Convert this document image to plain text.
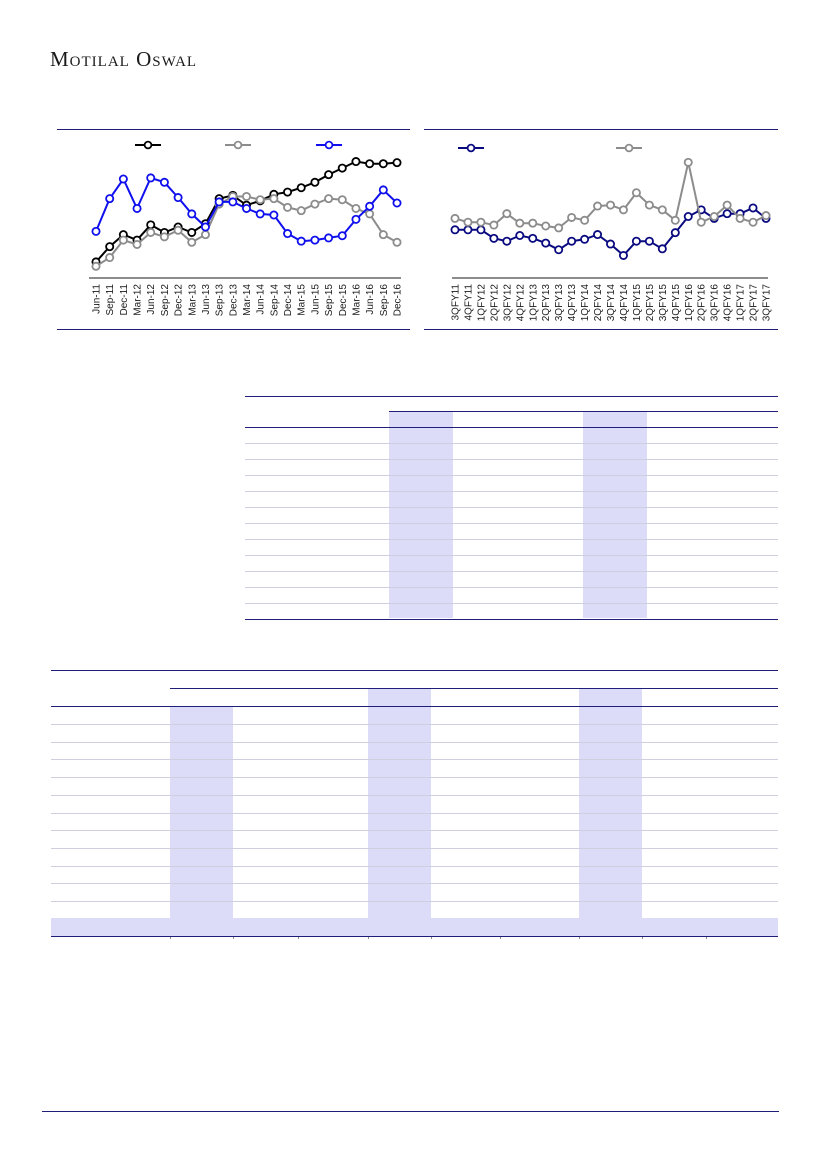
Motilal Oswal
Jun-11 Sep-11 Dec-11 Mar-12 Jun-12 Sep-12 Dec-12 Mar-13 Jun-13 Sep-13 Dec-13 Mar-14 Jun-14 Sep-14 Dec-14 Mar-15 Jun-15 Sep-15 Dec-15 Mar-16 Jun-16 Sep-16 Dec-16	3QFY11 4QFY11 1QFY12 2QFY12 3QFY12 4QFY12 1QFY13 2QFY13 3QFY13 4QFY13 1QFY14 2QFY14 3QFY14 4QFY14 1QFY15 2QFY15 3QFY15 4QFY15 1QFY16 2QFY16 3QFY16 4QFY16 1QFY17 2QFY17 3QFY17
